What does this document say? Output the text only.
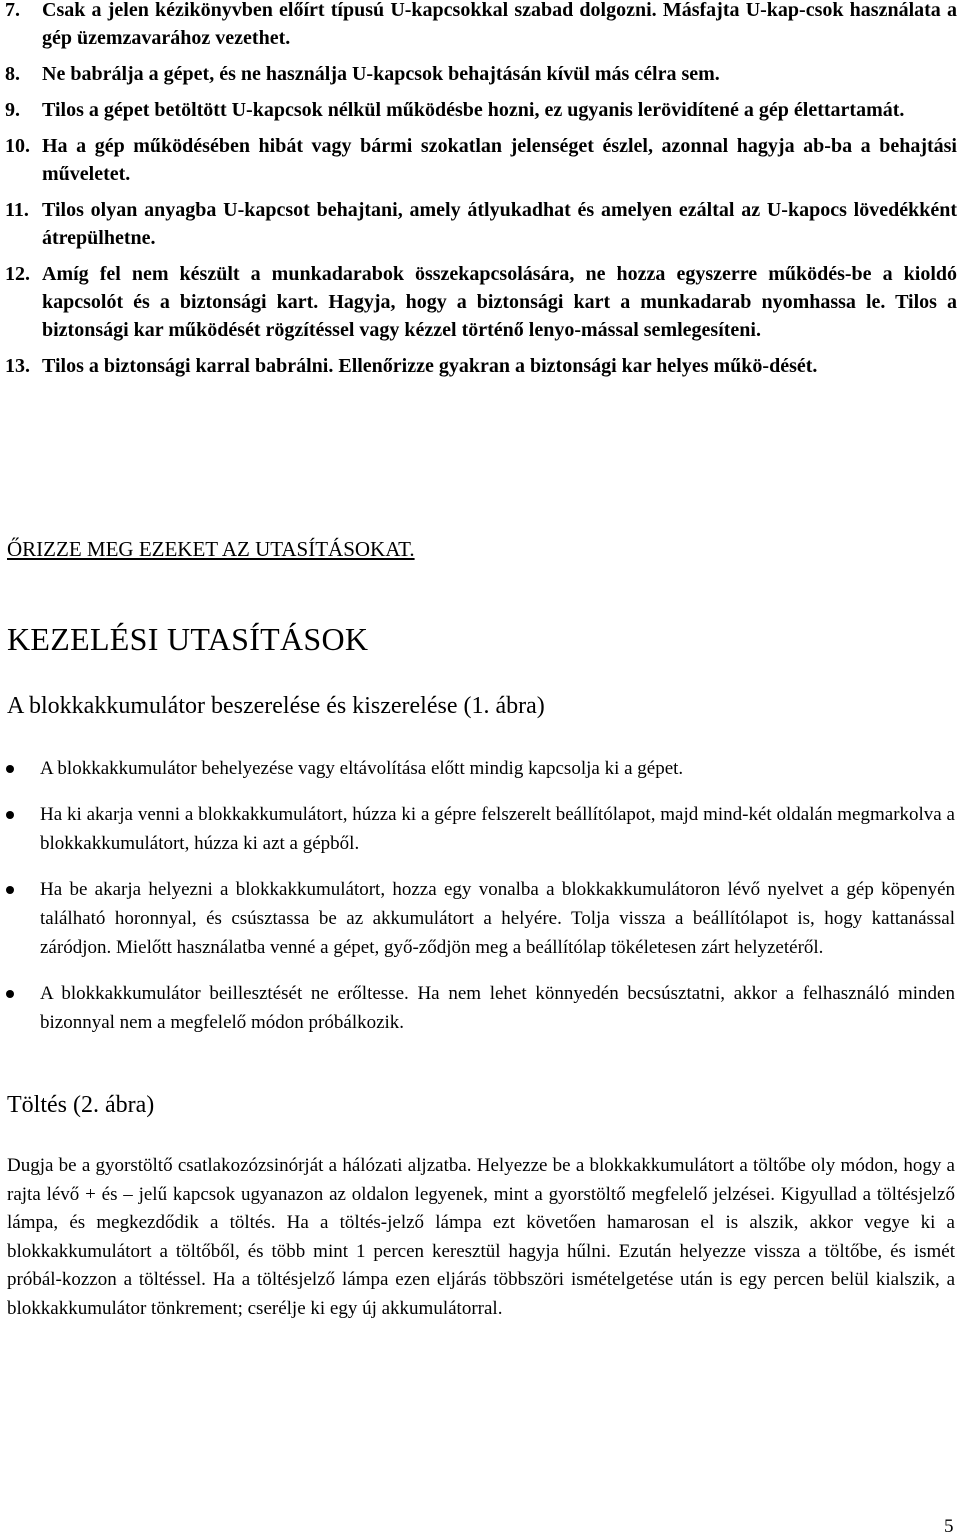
7. Csak a jelen kézikönyvben előírt típusú U-kapcsokkal szabad dolgozni. Másfajta U-kap-csok használata a gép üzemzavarához vezethet.
8. Ne babrálja a gépet, és ne használja U-kapcsok behajtásán kívül más célra sem.
9. Tilos a gépet betöltött U-kapcsok nélkül működésbe hozni, ez ugyanis lerövidítené a gép élettartamát.
10. Ha a gép működésében hibát vagy bármi szokatlan jelenséget észlel, azonnal hagyja ab-ba a behajtási műveletet.
11. Tilos olyan anyagba U-kapcsot behajtani, amely átlyukadhat és amelyen ezáltal az U-kapocs lövedékként átrepülhetne.
12. Amíg fel nem készült a munkadarabok összekapcsolására, ne hozza egyszerre működés-be a kioldó kapcsolót és a biztonsági kart. Hagyja, hogy a biztonsági kart a munkadarab nyomhassa le. Tilos a biztonsági kar működését rögzítéssel vagy kézzel történő lenyo-mással semlegesíteni.
13. Tilos a biztonsági karral babrálni. Ellenőrizze gyakran a biztonsági kar helyes műkö-dését.

ŐRIZZE MEG EZEKET AZ UTASÍTÁSOKAT.

KEZELÉSI UTASÍTÁSOK
A blokkakkumulátor beszerelése és kiszerelése (1. ábra)
A blokkakkumulátor behelyezése vagy eltávolítása előtt mindig kapcsolja ki a gépet.
Ha ki akarja venni a blokkakkumulátort, húzza ki a gépre felszerelt beállítólapot, majd mind-két oldalán megmarkolva a blokkakkumulátort, húzza ki azt a gépből.
Ha be akarja helyezni a blokkakkumulátort, hozza egy vonalba a blokkakkumulátoron lévő nyelvet a gép köpenyén található horonnyal, és csúsztassa be az akkumulátort a helyére. Tolja vissza a beállítólapot is, hogy kattanással záródjon. Mielőtt használatba venné a gépet, győ-ződjön meg a beállítólap tökéletesen zárt helyzetéről.
A blokkakkumulátor beillesztését ne erőltesse. Ha nem lehet könnyedén becsúsztatni, akkor a felhasználó minden bizonnyal nem a megfelelő módon próbálkozik.
Töltés (2. ábra)

Dugja be a gyorstöltő csatlakozózsinórját a hálózati aljzatba. Helyezze be a blokkakkumulátort a töltőbe oly módon, hogy a rajta lévő + és – jelű kapcsok ugyanazon az oldalon legyenek, mint a gyorstöltő megfelelő jelzései. Kigyullad a töltésjelző lámpa, és megkezdődik a töltés. Ha a töltés-jelző lámpa ezt követően hamarosan el is alszik, akkor vegye ki a blokkakkumulátort a töltőből, és több mint 1 percen keresztül hagyja hűlni. Ezután helyezze vissza a töltőbe, és ismét próbál-kozzon a töltéssel. Ha a töltésjelző lámpa ezen eljárás többszöri ismételgetése után is egy percen belül kialszik, a blokkakkumulátor tönkrement; cserélje ki egy új akkumulátorral.

5
